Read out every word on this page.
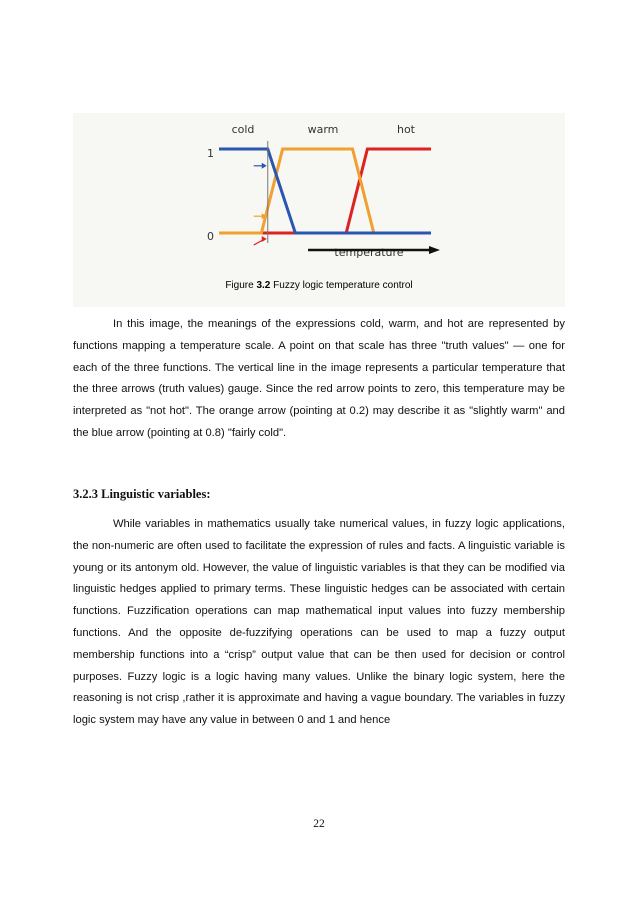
1
0
cold	warm	hot
temperature
Figure 3.2 Fuzzy logic temperature control

In this image, the meanings of the expressions cold, warm, and hot are represented by functions mapping a temperature scale. A point on that scale has three "truth values" — one for each of the three functions. The vertical line in the image represents a particular temperature that the three arrows (truth values) gauge. Since the red arrow points to zero, this temperature may be interpreted as "not hot". The orange arrow (pointing at 0.2) may describe it as "slightly warm" and the blue arrow (pointing at 0.8) "fairly cold".

3.2.3 Linguistic variables:

While variables in mathematics usually take numerical values, in fuzzy logic applications, the non-numeric are often used to facilitate the expression of rules and facts. A linguistic variable is young or its antonym old. However, the value of linguistic variables is that they can be modified via linguistic hedges applied to primary terms. These linguistic hedges can be associated with certain functions. Fuzzification operations can map mathematical input values into fuzzy membership functions. And the opposite de-fuzzifying operations can be used to map a fuzzy output membership functions into a “crisp” output value that can be then used for decision or control purposes. Fuzzy logic is a logic having many values. Unlike the binary logic system, here the reasoning is not crisp ,rather it is approximate and having a vague boundary. The variables in fuzzy logic system may have any value in between 0 and 1 and hence

22
